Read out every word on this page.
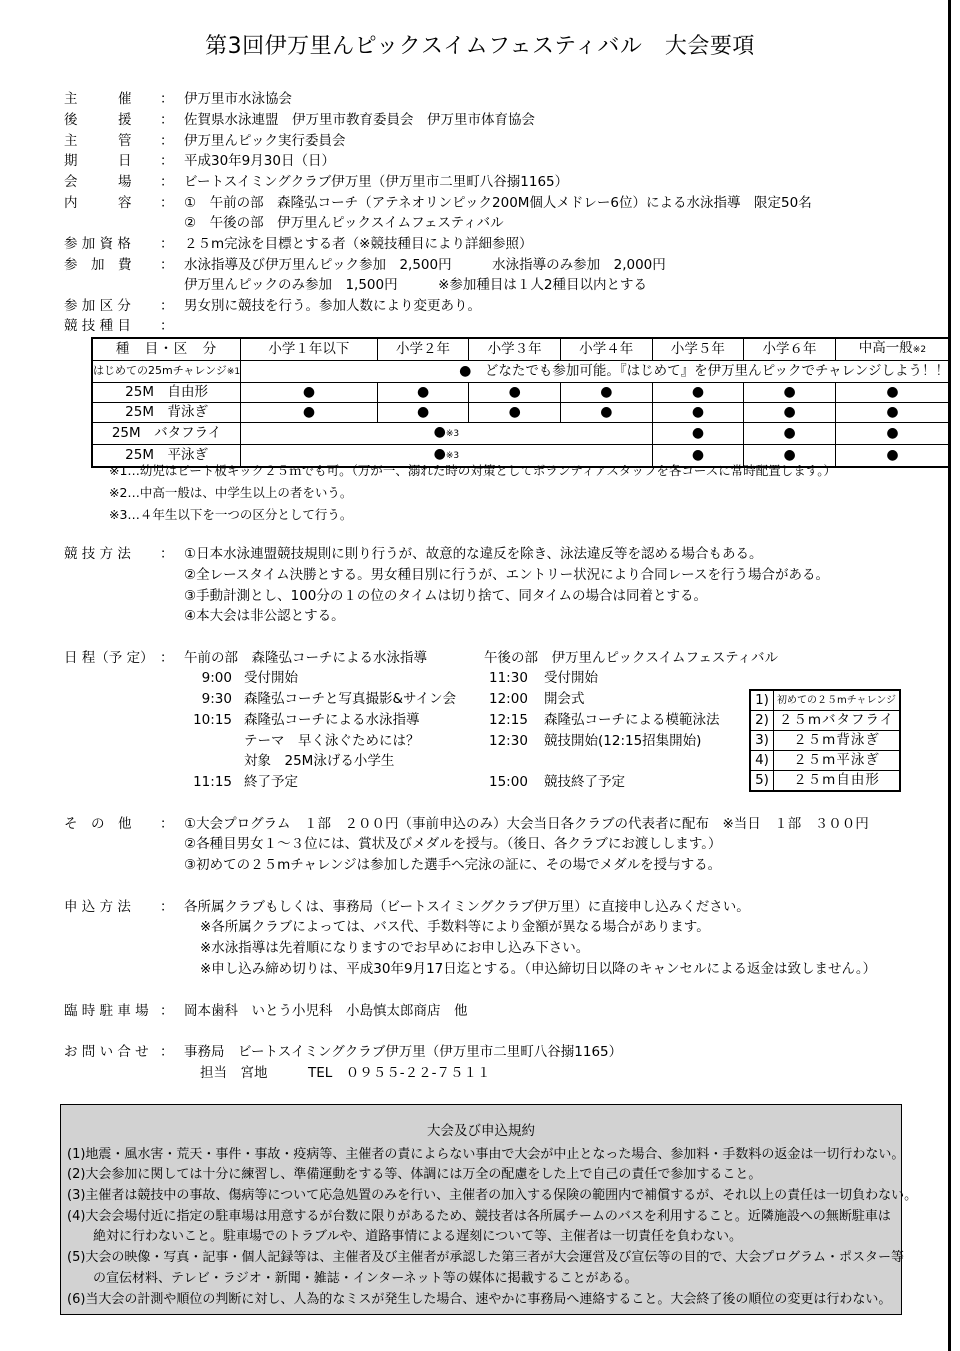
第3回伊万里んピックスイムフェスティバル　大会要項
主　　　催	： 伊万里市水泳協会
後　　　援	： 佐賀県水泳連盟　伊万里市教育委員会　伊万里市体育協会
主　　　管	： 伊万里んピック実行委員会
期　　　日	： 平成30年9月30日（日）
会　　　場	： ビートスイミングクラブ伊万里（伊万里市二里町八谷搦1165）
内　　　容	： ①　午前の部　森隆弘コーチ（アテネオリンピック200M個人メドレー6位）による水泳指導　限定50名
②　午後の部　伊万里んピックスイムフェスティバル
参 加 資 格	： ２５m完泳を目標とする者（※競技種目により詳細参照）
参　加　費	： 水泳指導及び伊万里んピック参加　2,500円　　　水泳指導のみ参加　2,000円
伊万里んピックのみ参加　1,500円　　　※参加種目は１人2種目以内とする
参 加 区 分	： 男女別に競技を行う。参加人数により変更あり。
競 技 種 目	：
種　目・区　分	小学１年以下	小学２年	小学３年	小学４年	小学５年	小学６年	中高一般※2
はじめての25mチャレンジ※1	●　 どなたでも参加可能。『はじめて』を伊万里んピックでチャレンジしよう！！						
25M　自由形	●	●	●	●	●	●	●
25M　背泳ぎ	●	●	●	●	●	●	●
25M　バタフライ	●※3				●	●	●
25M　平泳ぎ	●※3				●	●	●
※1…幼児はビート板キック２５ｍでも可。（万が一、溺れた時の対策としてボランティアスタッフを各コースに常時配置します。）
※2…中高一般は、中学生以上の者をいう。
※3…４年生以下を一つの区分として行う。
競 技 方 法	： ①日本水泳連盟競技規則に則り行うが、故意的な違反を除き、泳法違反等を認める場合もある。
②全レースタイム決勝とする。男女種目別に行うが、エントリー状況により合同レースを行う場合がある。
③手動計測とし、100分の１の位のタイムは切り捨て、同タイムの場合は同着とする。
④本大会は非公認とする。
日 程（予 定） ： 午前の部　森隆弘コーチによる水泳指導	午後の部　伊万里んピックスイムフェスティバル
9:00 受付開始
9:30 森隆弘コーチと写真撮影&サイン会
10:15 森隆弘コーチによる水泳指導
テーマ　早く泳ぐためには？
対象　25M泳げる小学生
11:15 終了予定
11:30 受付開始
12:00 開会式
12:15 森隆弘コーチによる模範泳法
12:30 競技開始(12:15招集開始)
15:00 競技終了予定
1)	初めての２５mチャレンジ
2)	２５mバタフライ
3)	２５m背泳ぎ
4)	２５m平泳ぎ
5)	２５m自由形
そ　の　他	： ①大会プログラム　１部　２００円（事前申込のみ）大会当日各クラブの代表者に配布　※当日　１部　３００円
②各種目男女１～３位には、賞状及びメダルを授与。（後日、各クラブにお渡しします。）
③初めての２５mチャレンジは参加した選手へ完泳の証に、その場でメダルを授与する。
申 込 方 法	： 各所属クラブもしくは、事務局（ビートスイミングクラブ伊万里）に直接申し込みください。
※各所属クラブによっては、バス代、手数料等により金額が異なる場合があります。
※水泳指導は先着順になりますのでお早めにお申し込み下さい。
※申し込み締め切りは、平成30年9月17日迄とする。（申込締切日以降のキャンセルによる返金は致しません。）
臨 時 駐 車 場 ： 岡本歯科　いとう小児科　小島慎太郎商店　他
お 問 い 合 せ ： 事務局　ビートスイミングクラブ伊万里（伊万里市二里町八谷搦1165）
担当　宮地　　　TEL　０９５５-２２-７５１１
大会及び申込規約
(1)地震・風水害・荒天・事件・事故・疫病等、主催者の責によらない事由で大会が中止となった場合、参加料・手数料の返金は一切行わない。
(2)大会参加に関しては十分に練習し、準備運動をする等、体調には万全の配慮をした上で自己の責任で参加すること。
(3)主催者は競技中の事故、傷病等について応急処置のみを行い、主催者の加入する保険の範囲内で補償するが、それ以上の責任は一切負わない。
(4)大会会場付近に指定の駐車場は用意するが台数に限りがあるため、競技者は各所属チームのバスを利用すること。近隣施設への無断駐車は
　　絶対に行わないこと。駐車場でのトラブルや、道路事情による遅刻について等、主催者は一切責任を負わない。
(5)大会の映像・写真・記事・個人記録等は、主催者及び主催者が承認した第三者が大会運営及び宣伝等の目的で、大会プログラム・ポスター等
　　の宣伝材料、テレビ・ラジオ・新聞・雑誌・インターネット等の媒体に掲載することがある。
(6)当大会の計測や順位の判断に対し、人為的なミスが発生した場合、速やかに事務局へ連絡すること。大会終了後の順位の変更は行わない。
